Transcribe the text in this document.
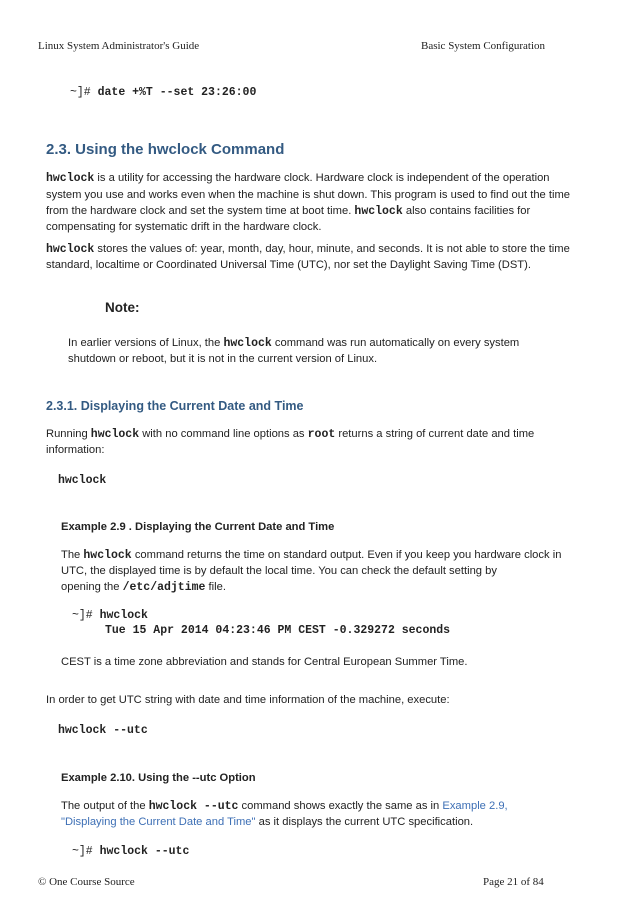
Linux System Administrator's Guide	Basic System Configuration
~]# date +%T --set 23:26:00
2.3. Using the hwclock Command
hwclock is a utility for accessing the hardware clock. Hardware clock is independent of the operation
system you use and works even when the machine is shut down. This program is used to find out the time
from the hardware clock and set the system time at boot time. hwclock also contains facilities for
compensating for systematic drift in the hardware clock.
hwclock stores the values of: year, month, day, hour, minute, and seconds. It is not able to store the time
standard, localtime or Coordinated Universal Time (UTC), nor set the Daylight Saving Time (DST).
Note:
In earlier versions of Linux, the hwclock command was run automatically on every system
shutdown or reboot, but it is not in the current version of Linux.
2.3.1. Displaying the Current Date and Time
Running hwclock with no command line options as root returns a string of current date and time
information:
hwclock
Example 2.9 . Displaying the Current Date and Time
The hwclock command returns the time on standard output. Even if you keep you hardware clock in
UTC, the displayed time is by default the local time. You can check the default setting by
opening the /etc/adjtime file.
~]# hwclock
Tue 15 Apr 2014 04:23:46 PM CEST -0.329272 seconds
CEST is a time zone abbreviation and stands for Central European Summer Time.
In order to get UTC string with date and time information of the machine, execute:
hwclock --utc
Example 2.10. Using the --utc Option
The output of the hwclock --utc command shows exactly the same as in Example 2.9,
"Displaying the Current Date and Time" as it displays the current UTC specification.
~]# hwclock --utc
© One Course Source	Page 21 of 84
